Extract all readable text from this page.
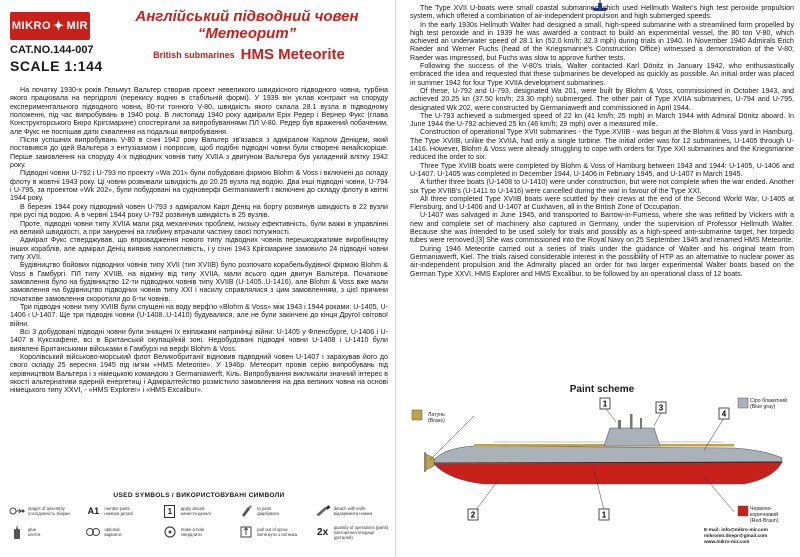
MIKRO ✦ MIR
CAT.NO.144-007
SCALE 1:144
Англійський підводний човен
“Метеорит”
British submarines HMS Meteorite

На початку 1930-х років Гельмут Вальтер створив проект невеликого швидкісного підводного човна, турбіна якого працювала на пергідролі (перекису водню в стабільній формі). У 1939 він уклав контракт на споруду експериментального підводного човна, 80-ти тонного V-80, швидкість якого склала 28.1 вузла в підводному положенні, під час випробувань в 1940 році. В листопаді 1940 року адмірали Еріх Редер і Вернер Фукс (глава Конструкторського Бюро Крігсмарине) спостерігали за випробуваннями ПЛ V-80. Редер був вражений побаченим, але Фукс не поспішав дати схвалення на подальші випробування.

Після успішних випробувань V-80 в січні 1942 року Вальтер зв'язався з адміралом Карлом Деніцем, який поставився до ідей Вальтера з ентузіазмом і попросив, щоб подібні підводні човни були створені якнайскоріше. Перше замовлення на споруду 4-х підводних човнів типу XVIIA з двигуном Вальтера був укладений влітку 1942 року.

Підводні човни U-792 і U-793 по проекту «Wa 201» були побудовані фірмою Blohm & Voss і включені до складу флоту в жовтні 1943 року. Ці човни розвивали швидкість до 20.25 вузла під водою. Два інші підводні човни, U-794 і U-795, за проектом «Wk 202», були побудовані на судноверфі Germaniawerft і включені до складу флоту в квітні 1944 року.

В березні 1944 року підводний човен U-793 з адміралом Карл Деніц на борту розвинув швидкість в 22 вузли при русі під водою. А в червні 1944 року U-792 розвинув швидкість в 25 вузлів.

Проте, підводні човни типу XVIIA мали ряд механічних проблем, низьку ефективність, були важкі в управлінні на великій швидкості, а при зануренні на глибину втрачали частину своєї потужності.

Адмірал Фукс стверджував, що впровадження нового типу підводних човнів перешкоджатиме виробництву інших кораблів, але адмірал Деніц виявив наполегливість, і у січні 1943 Крігсмарине замовило 24 підводні човни типу XVII.

Будівництво бойових підводних човнів типу XVII (тип XVIIB) було розпочато корабельбудівної фірмою Blohm & Voss в Гамбургі. ПЛ типу XVIIB, на відміну від типу XVIIA, мали всього один двигун Вальтера. Початкове замовлення було на будівництво 12-ти підводних човнів типу XVIIB (U-1405..U-1416), але Blohm & Voss вже мали замовлення на будівництво підводних човнів типу XXI і насилу справлялися з цим замовленням, з цієї причини початкове замовлення скоротили до 6-ти човнів.

Три підводні човни типу XVIIB були спущені на воду верф'ю «Blohm & Voss» між 1943 і 1944 роками: U-1405, U-1406 і U-1407. Ще три підводні човни (U-1408..U-1410) будувалися, але не були закінчені до кінця Другої світової війни.

Всі 3 добудовані підводні човни були знищені їх екіпажами наприкінці війни: U-1405 у Фленсбурге, U-1406 і U-1407 в Куксхафене, всі в Британській окупаційній зоні. Недобудовані підводні човни U-1408 і U-1410 були виявлені Британськими військами в Гамбурзі на верфі Blohm & Voss.

Королівський військово-морський флот Великобританії відновив підводний човен U-1407 і зарахував його до свого складу 25 вересня 1945 під ім'ям «HMS Meteorite». У 1946р. Метеорит провів серію випробувань під керівництвом Вальтера і з німецькою командою з Germaniawerft, Кіль. Випробування викликали значний інтерес в якості альтернативи ядерній енергетиці і Адміралтейство розмістило замовлення на два великих човна на основі німецького типу XXVI, - «HMS Explorer» і «HMS Excalibur».

USED SYMBOLS / ВИКОРИСТОВУВАНІ СИМВОЛИ
stages of assembly
послідовність зборки A1 number parts
номера деталі	1	apply decals
нанести декалі
to paint
фарбувати
detach with knife
відокремити ножем
glue
клеїти
optional
варіанти
make a hole
свердлити
pull out of sprue
витягнути з литника 2x quantity of operations (parts)
повторення операції (деталей)

The Type XVII U-boats were small coastal submarines which used Hellmuth Walter's high test peroxide propulsion system, which offered a combination of air-independent propulsion and high submerged speeds.

In the early 1930s Hellmuth Walter had designed a small, high-speed submarine with a streamlined form propelled by high test peroxide and in 1939 he was awarded a contract to build an experimental vessel, the 80 ton V-80, which achieved an underwater speed of 28.1 kn (52.0 km/h; 32.3 mph) during trials in 1940. In November 1940 Admirals Erich Raeder and Werner Fuchs (head of the Kriegsmarine's Construction Office) witnessed a demonstration of the V-80; Raeder was impressed, but Fuchs was slow to approve further tests.

Following the success of the V-80's trials, Walter contacted Karl Dönitz in January 1942, who enthusiastically embraced the idea and requested that these submarines be developed as quickly as possible. An initial order was placed in summer 1942 for four Type XVIIA development submarines.

Of these, U-792 and U-793, designated Wa 201, were built by Blohm & Voss, commissioned in October 1943, and achieved 20.25 kn (37.50 km/h; 23.30 mph) submerged. The other pair of Type XVIIA submarines, U-794 and U-795, designated Wk 202, were constructed by Germaniawerft and commissioned in April 1944.

The U-793 achieved a submerged speed of 22 kn (41 km/h; 25 mph) in March 1944 with Admiral Dönitz aboard. In June 1944 the U-792 achieved 25 kn (46 km/h; 29 mph) over a measured mile.

Construction of operational Type XVII submarines - the Type XVIIB - was begun at the Blohm & Voss yard in Hamburg. The Type XVIIB, unlike the XVIIA, had only a single turbine. The initial order was for 12 submarines, U-1405 through U-1416. However, Blohm & Voss were already struggling to cope with orders for Type XXI submarines and the Kriegsmarine reduced the order to six.

Three Type XVIIB boats were completed by Blohm & Voss of Hamburg between 1943 and 1944: U-1405, U-1406 and U-1407. U-1405 was completed in December 1944, U-1406 in February 1945, and U-1407 in March 1945.

A further three boats (U-1408 to U-1410) were under construction, but were not complete when the war ended. Another six Type XVIIB's (U-1411 to U-1416) were cancelled during the war in favour of the Type XXI.

All three completed Type XVIIB boats were scuttled by their crews at the end of the Second World War, U-1405 at Flensburg, and U-1406 and U-1407 at Cuxhaven, all in the British Zone of Occupation.

U-1407 was salvaged in June 1945, and transported to Barrow-in-Furness, where she was refitted by Vickers with a new and complete set of machinery also captured in Germany, under the supervision of Professor Hellmuth Walter. Because she was intended to be used solely for trials and possibly as a high-speed anti-submarine target, her torpedo tubes were removed.[3] She was commissioned into the Royal Navy on 25 September 1945 and renamed HMS Meteorite.

During 1946 Meteorite carried out a series of trials under the guidance of Walter and his original team from Germaniawerft, Kiel. The trials raised considerable interest in the possibility of HTP as an alternative to nuclear power as air-independent propulsion and the Admiralty placed an order for two larger experimental Walter boats based on the German Type XXVI, HMS Explorer and HMS Excalibur, to be followed by an operational class of 12 boats.

Paint scheme
1	3
4
2	1
Латунь
(Brass)
Сіро блакитний
(Blue gray)
Червоно-коричневий
(Red-Braun)
E-mail: info@mikro-mir.com
mikromir.dnepr@gmail.com
www.mikro-mir.com
